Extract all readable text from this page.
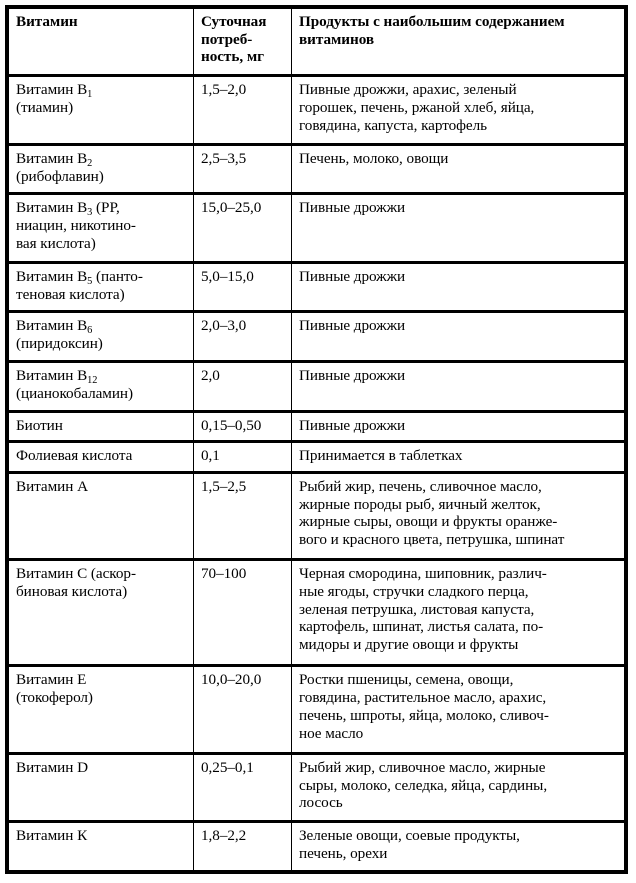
Витамин	Суточная
потреб-
ность, мг	Продукты с наибольшим содержанием
витаминов

Витамин $В_1$
(тиамин)	1,5–2,0	Пивные дрожжи, арахис, зеленый
горошек, печень, ржаной хлеб, яйца,
говядина, капуста, картофель

Витамин $В_2$
(рибофлавин)	2,5–3,5	Печень, молоко, овощи

Витамин $В_3$ (РР,
ниацин, никотино-
вая кислота)	15,0–25,0	Пивные дрожжи

Витамин $В_5$ (панто-
теновая кислота)	5,0–15,0	Пивные дрожжи

Витамин $В_6$
(пиридоксин)	2,0–3,0	Пивные дрожжи

Витамин $В_{12}$
(цианокобаламин)	2,0	Пивные дрожжи

Биотин	0,15–0,50	Пивные дрожжи

Фолиевая кислота	0,1	Принимается в таблетках

Витамин А	1,5–2,5	Рыбий жир, печень, сливочное масло,
жирные породы рыб, яичный желток,
жирные сыры, овощи и фрукты оранже-
вого и красного цвета, петрушка, шпинат

Витамин С (аскор-
биновая кислота)	70–100	Черная смородина, шиповник, различ-
ные ягоды, стручки сладкого перца,
зеленая петрушка, листовая капуста,
картофель, шпинат, листья салата, по-
мидоры и другие овощи и фрукты

Витамин Е
(токоферол)	10,0–20,0	Ростки пшеницы, семена, овощи,
говядина, растительное масло, арахис,
печень, шпроты, яйца, молоко, сливоч-
ное масло

Витамин D	0,25–0,1	Рыбий жир, сливочное масло, жирные
сыры, молоко, селедка, яйца, сардины,
лосось

Витамин К	1,8–2,2	Зеленые овощи, соевые продукты,
печень, орехи
